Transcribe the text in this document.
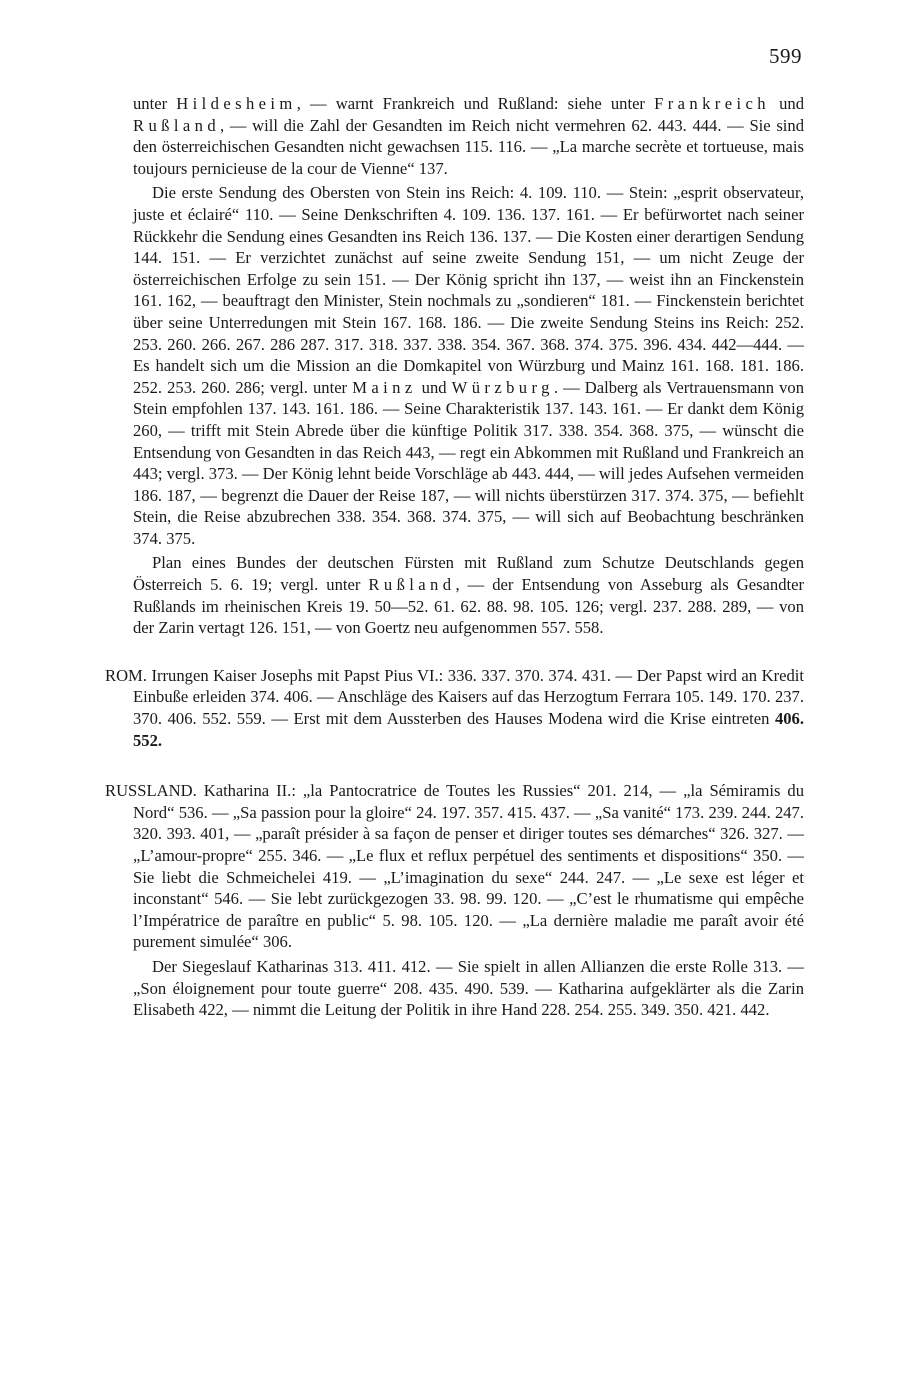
599

unter Hildesheim, — warnt Frankreich und Rußland: siehe unter Frankreich und Rußland, — will die Zahl der Gesandten im Reich nicht vermehren 62. 443. 444. — Sie sind den österreichischen Gesandten nicht gewachsen 115. 116. — „La marche secrète et tortueuse, mais toujours pernicieuse de la cour de Vienne“ 137.

Die erste Sendung des Obersten von Stein ins Reich: 4. 109. 110. — Stein: „esprit observateur, juste et éclairé“ 110. — Seine Denkschriften 4. 109. 136. 137. 161. — Er befürwortet nach seiner Rückkehr die Sendung eines Gesandten ins Reich 136. 137. — Die Kosten einer derartigen Sendung 144. 151. — Er verzichtet zunächst auf seine zweite Sendung 151, — um nicht Zeuge der österreichischen Erfolge zu sein 151. — Der König spricht ihn 137, — weist ihn an Finckenstein 161. 162, — beauftragt den Minister, Stein nochmals zu „sondieren“ 181. — Finckenstein berichtet über seine Unterredungen mit Stein 167. 168. 186. — Die zweite Sendung Steins ins Reich: 252. 253. 260. 266. 267. 286 287. 317. 318. 337. 338. 354. 367. 368. 374. 375. 396. 434. 442—444. — Es handelt sich um die Mission an die Domkapitel von Würzburg und Mainz 161. 168. 181. 186. 252. 253. 260. 286; vergl. unter Mainz und Würzburg. — Dalberg als Vertrauensmann von Stein empfohlen 137. 143. 161. 186. — Seine Charakteristik 137. 143. 161. — Er dankt dem König 260, — trifft mit Stein Abrede über die künftige Politik 317. 338. 354. 368. 375, — wünscht die Entsendung von Gesandten in das Reich 443, — regt ein Abkommen mit Rußland und Frankreich an 443; vergl. 373. — Der König lehnt beide Vorschläge ab 443. 444, — will jedes Aufsehen vermeiden 186. 187, — begrenzt die Dauer der Reise 187, — will nichts überstürzen 317. 374. 375, — befiehlt Stein, die Reise abzubrechen 338. 354. 368. 374. 375, — will sich auf Beobachtung beschränken 374. 375.

Plan eines Bundes der deutschen Fürsten mit Rußland zum Schutze Deutschlands gegen Österreich 5. 6. 19; vergl. unter Rußland, — der Entsendung von Asseburg als Gesandter Rußlands im rheinischen Kreis 19. 50—52. 61. 62. 88. 98. 105. 126; vergl. 237. 288. 289, — von der Zarin vertagt 126. 151, — von Goertz neu aufgenommen 557. 558.

ROM. Irrungen Kaiser Josephs mit Papst Pius VI.: 336. 337. 370. 374. 431. — Der Papst wird an Kredit Einbuße erleiden 374. 406. — Anschläge des Kaisers auf das Herzogtum Ferrara 105. 149. 170. 237. 370. 406. 552. 559. — Erst mit dem Aussterben des Hauses Modena wird die Krise eintreten 406. 552.

RUSSLAND. Katharina II.: „la Pantocratrice de Toutes les Russies“ 201. 214, — „la Sémiramis du Nord“ 536. — „Sa passion pour la gloire“ 24. 197. 357. 415. 437. — „Sa vanité“ 173. 239. 244. 247. 320. 393. 401, — „paraît présider à sa façon de penser et diriger toutes ses démarches“ 326. 327. — „L’amour-propre“ 255. 346. — „Le flux et reflux perpétuel des sentiments et dispositions“ 350. — Sie liebt die Schmeichelei 419. — „L’imagination du sexe“ 244. 247. — „Le sexe est léger et inconstant“ 546. — Sie lebt zurückgezogen 33. 98. 99. 120. — „C’est le rhumatisme qui empêche l’Impératrice de paraître en public“ 5. 98. 105. 120. — „La dernière maladie me paraît avoir été purement simulée“ 306.

Der Siegeslauf Katharinas 313. 411. 412. — Sie spielt in allen Allianzen die erste Rolle 313. — „Son éloignement pour toute guerre“ 208. 435. 490. 539. — Katharina aufgeklärter als die Zarin Elisabeth 422, — nimmt die Leitung der Politik in ihre Hand 228. 254. 255. 349. 350. 421. 442.
